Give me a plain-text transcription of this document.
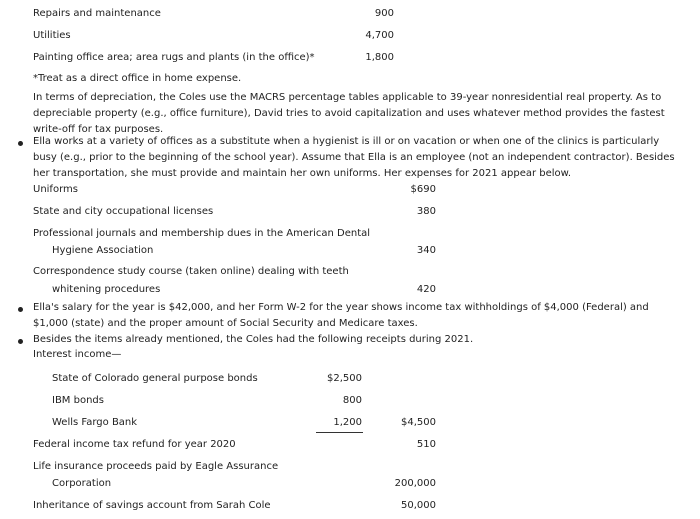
Repairs and maintenance	900
Utilities	4,700
Painting office area; area rugs and plants (in the office)*	1,800
*Treat as a direct office in home expense.
In terms of depreciation, the Coles use the MACRS percentage tables applicable to 39-year nonresidential real property. As to depreciable property (e.g., office furniture), David tries to avoid capitalization and uses whatever method provides the fastest write-off for tax purposes.
Ella works at a variety of offices as a substitute when a hygienist is ill or on vacation or when one of the clinics is particularly busy (e.g., prior to the beginning of the school year). Assume that Ella is an employee (not an independent contractor). Besides her transportation, she must provide and maintain her own uniforms. Her expenses for 2021 appear below.
Uniforms	$690
State and city occupational licenses	380
Professional journals and membership dues in the American Dental
Hygiene Association	340
Correspondence study course (taken online) dealing with teeth
whitening procedures	420
Ella's salary for the year is $42,000, and her Form W-2 for the year shows income tax withholdings of $4,000 (Federal) and $1,000 (state) and the proper amount of Social Security and Medicare taxes.
Besides the items already mentioned, the Coles had the following receipts during 2021.
Interest income—
State of Colorado general purpose bonds	$2,500
IBM bonds	800
Wells Fargo Bank	1,200	$4,500
Federal income tax refund for year 2020	510
Life insurance proceeds paid by Eagle Assurance
Corporation	200,000
Inheritance of savings account from Sarah Cole	50,000
